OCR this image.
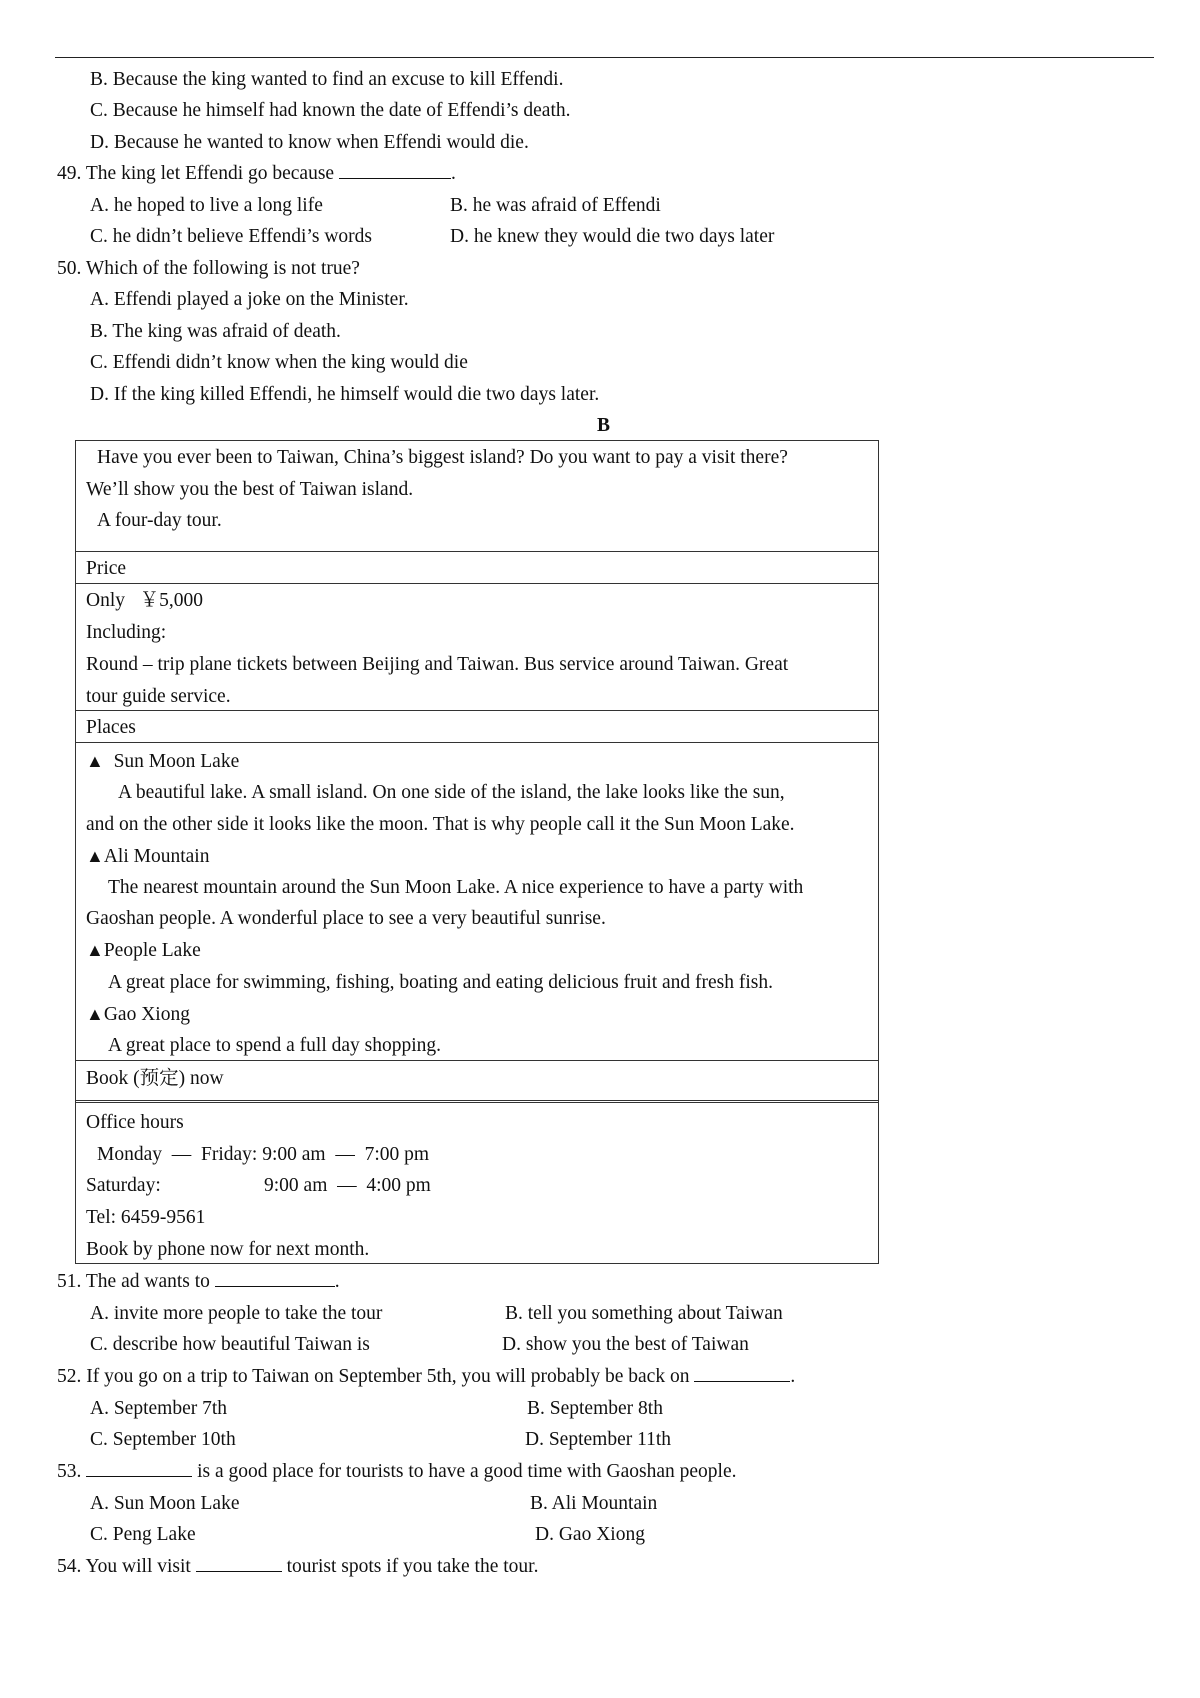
B. Because the king wanted to find an excuse to kill Effendi.
C. Because he himself had known the date of Effendi’s death.
D. Because he wanted to know when Effendi would die.
49. The king let Effendi go because	.
A. he hoped to live a long life	B. he was afraid of Effendi
C. he didn’t believe Effendi’s words	D. he knew they would die two days later
50. Which of the following is not true?
A. Effendi played a joke on the Minister.
B. The king was afraid of death.
C. Effendi didn’t know when the king would die
D. If the king killed Effendi, he himself would die two days later.
B
Have you ever been to Taiwan, China’s biggest island? Do you want to pay a visit there?
We’ll show you the best of Taiwan island.
A four-day tour.
Price
Only   ￥5,000
Including:
Round – trip plane tickets between Beijing and Taiwan. Bus service around Taiwan. Great
tour guide service.
Places
▲ Sun Moon Lake
A beautiful lake. A small island. On one side of the island, the lake looks like the sun,
and on the other side it looks like the moon. That is why people call it the Sun Moon Lake.
▲Ali Mountain
The nearest mountain around the Sun Moon Lake. A nice experience to have a party with
Gaoshan people. A wonderful place to see a very beautiful sunrise.
▲People Lake
A great place for swimming, fishing, boating and eating delicious fruit and fresh fish.
▲Gao Xiong
A great place to spend a full day shopping.
Book (预定) now
Office hours
Monday  —  Friday: 9:00 am  —  7:00 pm
Saturday:	9:00 am  —  4:00 pm
Tel: 6459-9561
Book by phone now for next month.
51. The ad wants to	.
A. invite more people to take the tour	B. tell you something about Taiwan
C. describe how beautiful Taiwan is	D. show you the best of Taiwan
52. If you go on a trip to Taiwan on September 5th, you will probably be back on	.
A. September 7th	B. September 8th
C. September 10th	D. September 11th
53.	is a good place for tourists to have a good time with Gaoshan people.
A. Sun Moon Lake	B. Ali Mountain
C. Peng Lake	D. Gao Xiong
54. You will visit	tourist spots if you take the tour.
